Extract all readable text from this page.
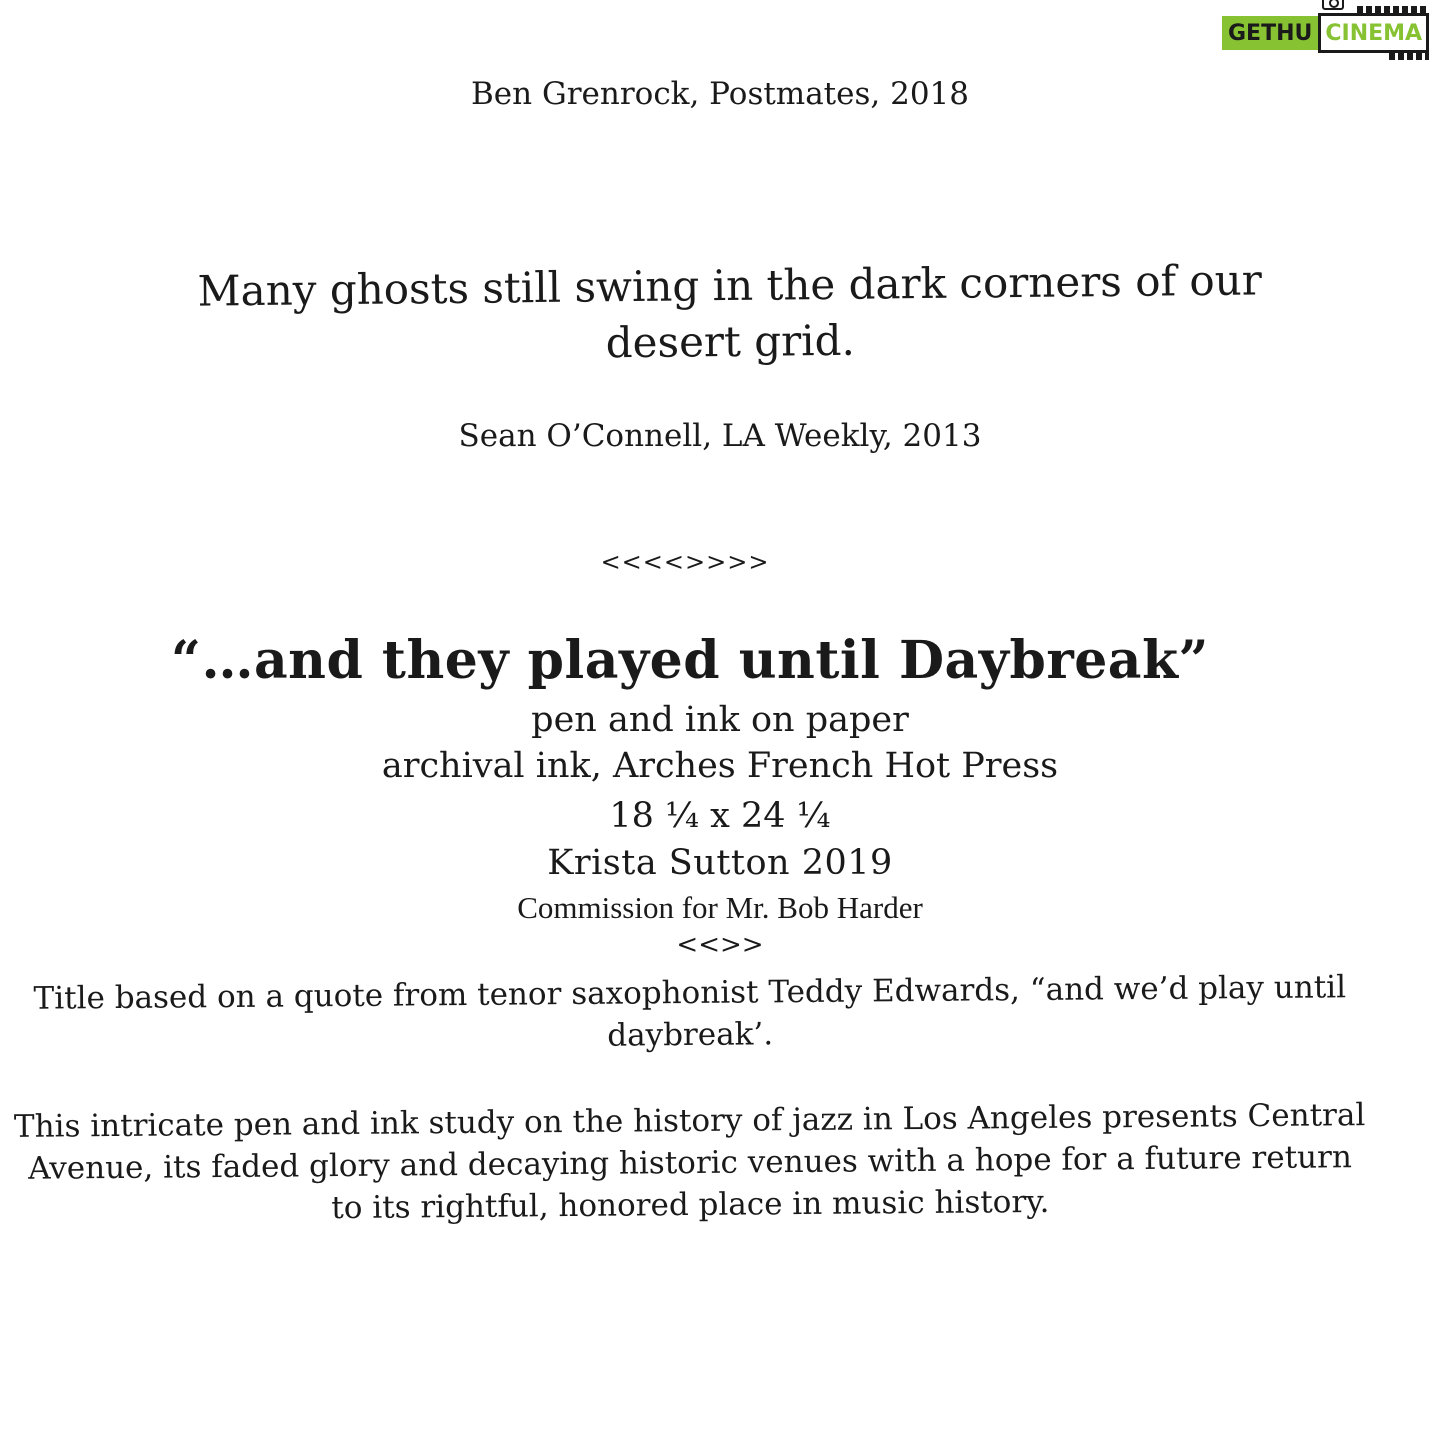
GETHU CINEMA
Ben Grenrock, Postmates, 2018
Many ghosts still swing in the dark corners of our desert grid.
Sean O’Connell, LA Weekly, 2013
<<<<>>>>
“…and they played until Daybreak”
pen and ink on paper
archival ink, Arches French Hot Press
18 ¼ x 24 ¼
Krista Sutton 2019
Commission for Mr. Bob Harder
<<>>
Title based on a quote from tenor saxophonist Teddy Edwards, “and we’d play until daybreak’.
This intricate pen and ink study on the history of jazz in Los Angeles presents Central Avenue, its faded glory and decaying historic venues with a hope for a future return to its rightful, honored place in music history.
